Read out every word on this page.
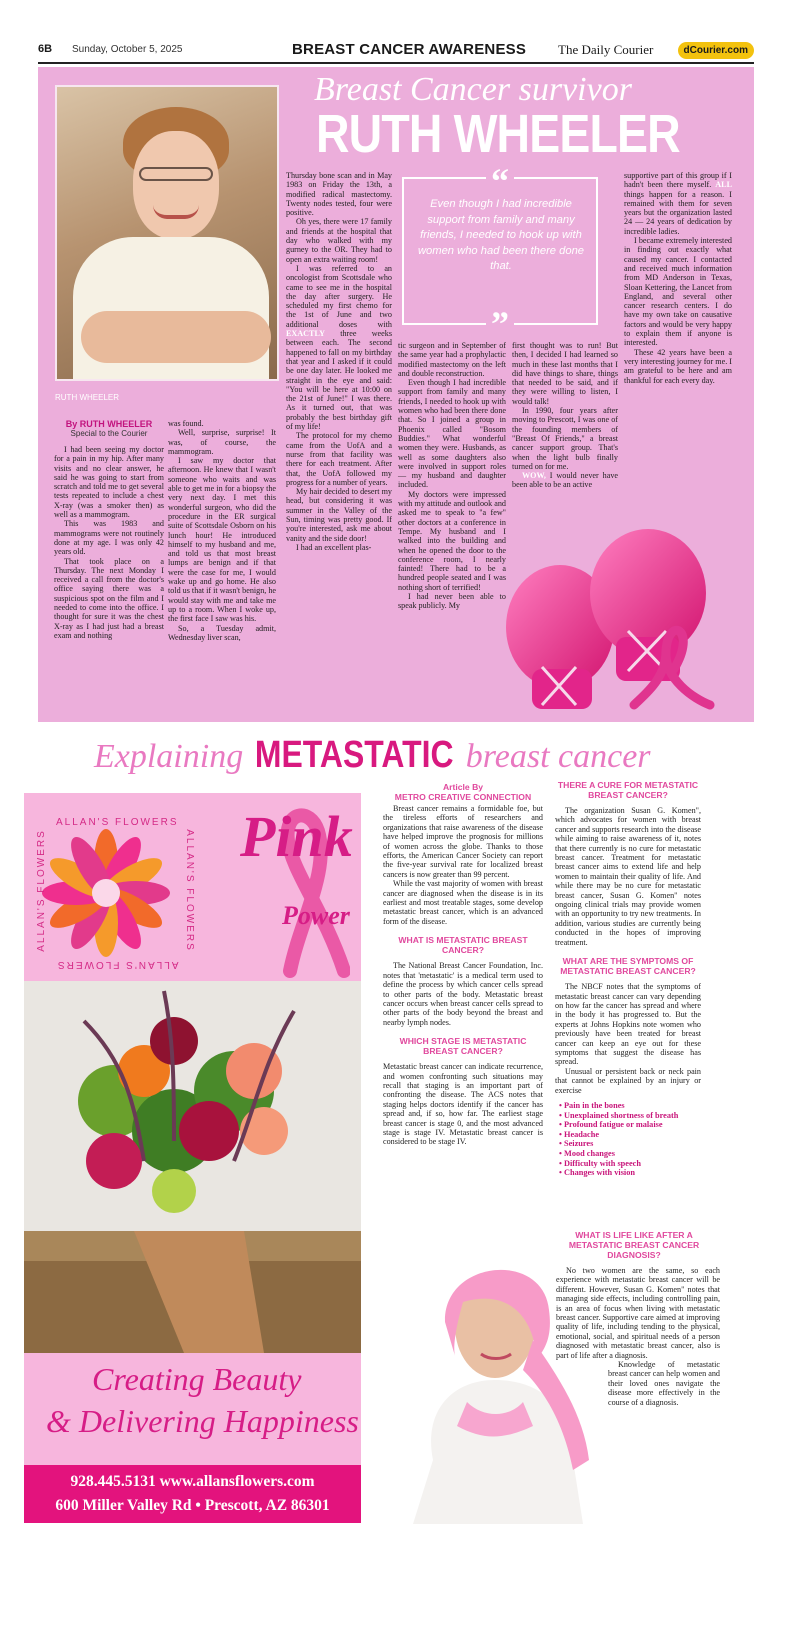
6B Sunday, October 5, 2025	BREAST CANCER AWARENESS The Daily Courier	dCourier.com
RUTH WHEELER
Breast Cancer survivor
RUTH WHEELER
“
Even though I had incredible support from family and many friends, I needed to hook up with women who had been there done that.
”

By RUTH WHEELER

Special to the Courier

I had been seeing my doctor for a pain in my hip. After many visits and no clear answer, he said he was going to start from scratch and told me to get several tests repeated to include a chest X-ray (was a smoker then) as well as a mammogram.

This was 1983 and mammograms were not routinely done at my age. I was only 42 years old.

That took place on a Thursday. The next Monday I received a call from the doctor's office saying there was a suspicious spot on the film and I needed to come into the office. I thought for sure it was the chest X-ray as I had just had a breast exam and nothing

was found.

Well, surprise, surprise! It was, of course, the mammogram.

I saw my doctor that afternoon. He knew that I wasn't someone who waits and was able to get me in for a biopsy the very next day. I met this wonderful surgeon, who did the procedure in the ER surgical suite of Scottsdale Osborn on his lunch hour! He introduced himself to my husband and me, and told us that most breast lumps are benign and if that were the case for me, I would wake up and go home. He also told us that if it wasn't benign, he would stay with me and take me up to a room. When I woke up, the first face I saw was his.

So, a Tuesday admit, Wednesday liver scan,

Thursday bone scan and in May 1983 on Friday the 13th, a modified radical mastectomy. Twenty nodes tested, four were positive.

Oh yes, there were 17 family and friends at the hospital that day who walked with my gurney to the OR. They had to open an extra waiting room!

I was referred to an oncologist from Scottsdale who came to see me in the hospital the day after surgery. He scheduled my first chemo for the 1st of June and two additional doses with EXACTLY three weeks between each. The second happened to fall on my birthday that year and I asked if it could be one day later. He looked me straight in the eye and said: "You will be here at 10:00 on the 21st of June!" I was there. As it turned out, that was probably the best birthday gift of my life!

The protocol for my chemo came from the UofA and a nurse from that facility was there for each treatment. After that, the UofA followed my progress for a number of years.

My hair decided to desert my head, but considering it was summer in the Valley of the Sun, timing was pretty good. If you're interested, ask me about vanity and the side door!

I had an excellent plas-

tic surgeon and in September of the same year had a prophylactic modified mastectomy on the left and double reconstruction.

Even though I had incredible support from family and many friends, I needed to hook up with women who had been there done that. So I joined a group in Phoenix called "Bosom Buddies." What wonderful women they were. Husbands, as well as some daughters also were involved in support roles — my husband and daughter included.

My doctors were impressed with my attitude and outlook and asked me to speak to "a few" other doctors at a conference in Tempe. My husband and I walked into the building and when he opened the door to the conference room, I nearly fainted! There had to be a hundred people seated and I was nothing short of terrified!

I had never been able to speak publicly. My

first thought was to run! But then, I decided I had learned so much in these last months that I did have things to share, things that needed to be said, and if they were willing to listen, I would talk!

In 1990, four years after moving to Prescott, I was one of the founding members of "Breast Of Friends," a breast cancer support group. That's when the light bulb finally turned on for me.

WOW, I would never have been able to be an active

supportive part of this group if I hadn't been there myself. ALL things happen for a reason. I remained with them for seven years but the organization lasted 24 — 24 years of dedication by incredible ladies.

I became extremely interested in finding out exactly what caused my cancer. I contacted and received much information from MD Anderson in Texas, Sloan Kettering, the Lancet from England, and several other cancer research centers. I do have my own take on causative factors and would be very happy to explain them if anyone is interested.

These 42 years have been a very interesting journey for me. I am grateful to be here and am thankful for each every day.

Explaining METASTATIC breast cancer
ALLAN'S FLOWERS
ALLAN'S FLOWERS	ALLAN'S FLOWERS
ALLAN'S FLOWERS
Pink
Power
Creating Beauty
& Delivering Happiness
928.445.5131 www.allansflowers.com
600 Miller Valley Rd • Prescott, AZ 86301
Article By
METRO CREATIVE CONNECTION

Breast cancer remains a formidable foe, but the tireless efforts of researchers and organizations that raise awareness of the disease have helped improve the prognosis for millions of women across the globe. Thanks to those efforts, the American Cancer Society can report the five-year survival rate for localized breast cancers is now greater than 99 percent.

While the vast majority of women with breast cancer are diagnosed when the disease is in its earliest and most treatable stages, some develop metastatic breast cancer, which is an advanced form of the disease.

WHAT IS METASTATIC BREAST CANCER?

The National Breast Cancer Foundation, Inc. notes that 'metastatic' is a medical term used to define the process by which cancer cells spread to other parts of the body. Metastatic breast cancer occurs when breast cancer cells spread to other parts of the body beyond the breast and nearby lymph nodes.

WHICH STAGE IS METASTATIC BREAST CANCER?

Metastatic breast cancer can indicate recurrence, and women confronting such situations may recall that staging is an important part of confronting the disease. The ACS notes that staging helps doctors identify if the cancer has spread and, if so, how far. The earliest stage breast cancer is stage 0, and the most advanced stage is stage IV. Metastatic breast cancer is considered to be stage IV.

THERE A CURE FOR METASTATIC BREAST CANCER?

The organization Susan G. Komen", which advocates for women with breast cancer and supports research into the disease while aiming to raise awareness of it, notes that there currently is no cure for metastatic breast cancer. Treatment for metastatic breast cancer aims to extend life and help women to maintain their quality of life. And while there may be no cure for metastatic breast cancer, Susan G. Komen" notes ongoing clinical trials may provide women with an opportunity to try new treatments. In addition, various studies are currently being conducted in the hopes of improving treatment.

WHAT ARE THE SYMPTOMS OF METASTATIC BREAST CANCER?

The NBCF notes that the symptoms of metastatic breast cancer can vary depending on how far the cancer has spread and where in the body it has progressed to. But the experts at Johns Hopkins note women who previously have been treated for breast cancer can keep an eye out for these symptoms that suggest the disease has spread.

Unusual or persistent back or neck pain that cannot be explained by an injury or exercise

• Pain in the bones
• Unexplained shortness of breath
• Profound fatigue or malaise
• Headache
• Seizures
• Mood changes
• Difficulty with speech
• Changes with vision
WHAT IS LIFE LIKE AFTER A METASTATIC BREAST CANCER DIAGNOSIS?

No two women are the same, so each experience with metastatic breast cancer will be different. However, Susan G. Komen" notes that managing side effects, including controlling pain, is an area of focus when living with metastatic breast cancer. Supportive care aimed at improving quality of life, including tending to the physical, emotional, social, and spiritual needs of a person diagnosed with metastatic breast cancer, also is part of life after a diagnosis.

Knowledge of metastatic breast cancer can help women and their loved ones navigate the disease more effectively in the course of a diagnosis.
